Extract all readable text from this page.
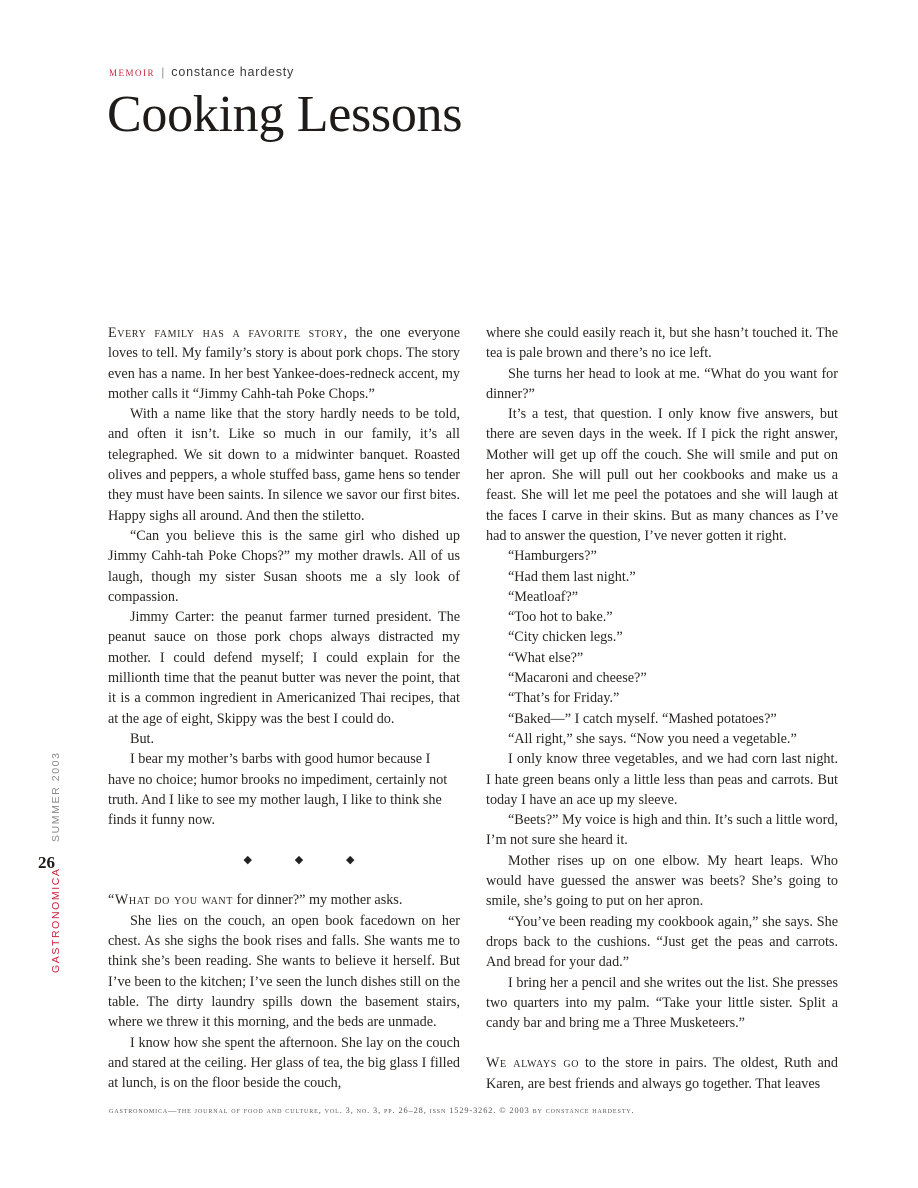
memoir | constance hardesty
Cooking Lessons

Every family has a favorite story, the one everyone loves to tell. My family’s story is about pork chops. The story even has a name. In her best Yankee-does-redneck accent, my mother calls it “Jimmy Cahh-tah Poke Chops.”

With a name like that the story hardly needs to be told, and often it isn’t. Like so much in our family, it’s all telegraphed. We sit down to a midwinter banquet. Roasted olives and peppers, a whole stuffed bass, game hens so tender they must have been saints. In silence we savor our first bites. Happy sighs all around. And then the stiletto.

“Can you believe this is the same girl who dished up Jimmy Cahh-tah Poke Chops?” my mother drawls. All of us laugh, though my sister Susan shoots me a sly look of compassion.

Jimmy Carter: the peanut farmer turned president. The peanut sauce on those pork chops always distracted my mother. I could defend myself; I could explain for the millionth time that the peanut butter was never the point, that it is a common ingredient in Americanized Thai recipes, that at the age of eight, Skippy was the best I could do.

But.

I bear my mother’s barbs with good humor because I have no choice; humor brooks no impediment, certainly not truth. And I like to see my mother laugh, I like to think she finds it funny now.

◆ ◆ ◆

“What do you want for dinner?” my mother asks.

She lies on the couch, an open book facedown on her chest. As she sighs the book rises and falls. She wants me to think she’s been reading. She wants to believe it herself. But I’ve been to the kitchen; I’ve seen the lunch dishes still on the table. The dirty laundry spills down the basement stairs, where we threw it this morning, and the beds are unmade.

I know how she spent the afternoon. She lay on the couch and stared at the ceiling. Her glass of tea, the big glass I filled at lunch, is on the floor beside the couch,

where she could easily reach it, but she hasn’t touched it. The tea is pale brown and there’s no ice left.

She turns her head to look at me. “What do you want for dinner?”

It’s a test, that question. I only know five answers, but there are seven days in the week. If I pick the right answer, Mother will get up off the couch. She will smile and put on her apron. She will pull out her cookbooks and make us a feast. She will let me peel the potatoes and she will laugh at the faces I carve in their skins. But as many chances as I’ve had to answer the question, I’ve never gotten it right.

“Hamburgers?”

“Had them last night.”

“Meatloaf?”

“Too hot to bake.”

“City chicken legs.”

“What else?”

“Macaroni and cheese?”

“That’s for Friday.”

“Baked—” I catch myself. “Mashed potatoes?”

“All right,” she says. “Now you need a vegetable.”

I only know three vegetables, and we had corn last night. I hate green beans only a little less than peas and carrots. But today I have an ace up my sleeve.

“Beets?” My voice is high and thin. It’s such a little word, I’m not sure she heard it.

Mother rises up on one elbow. My heart leaps. Who would have guessed the answer was beets? She’s going to smile, she’s going to put on her apron.

“You’ve been reading my cookbook again,” she says. She drops back to the cushions. “Just get the peas and carrots. And bread for your dad.”

I bring her a pencil and she writes out the list. She presses two quarters into my palm. “Take your little sister. Split a candy bar and bring me a Three Musketeers.”

We always go to the store in pairs. The oldest, Ruth and Karen, are best friends and always go together. That leaves

SUMMER 2003
26
GASTRONOMICA
gastronomica—the journal of food and culture, vol. 3, no. 3, pp. 26–28, issn 1529-3262. © 2003 by constance hardesty.
